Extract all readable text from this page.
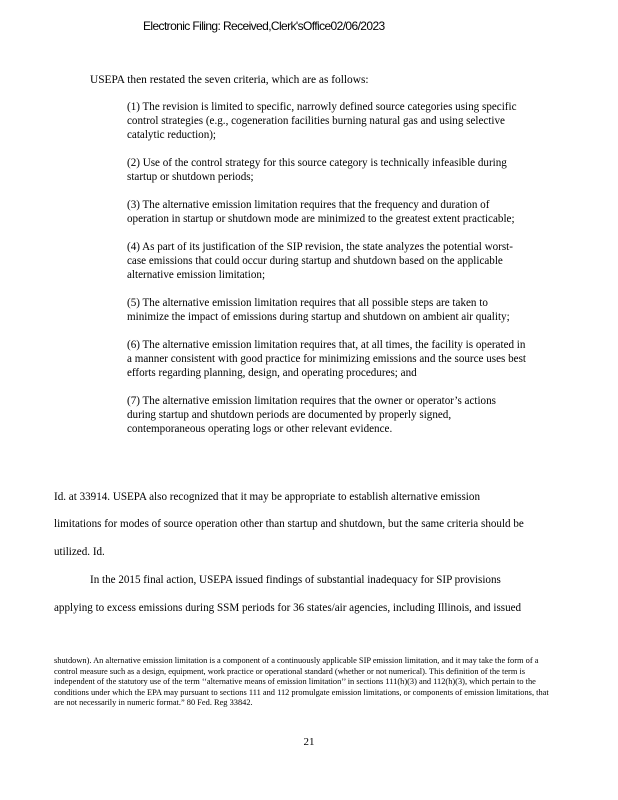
Electronic Filing: Received,Clerk'sOffice02/06/2023
USEPA then restated the seven criteria, which are as follows:

(1) The revision is limited to specific, narrowly defined source categories using specific control strategies (e.g., cogeneration facilities burning natural gas and using selective catalytic reduction);

(2) Use of the control strategy for this source category is technically infeasible during startup or shutdown periods;

(3) The alternative emission limitation requires that the frequency and duration of operation in startup or shutdown mode are minimized to the greatest extent practicable;

(4) As part of its justification of the SIP revision, the state analyzes the potential worst-case emissions that could occur during startup and shutdown based on the applicable alternative emission limitation;

(5) The alternative emission limitation requires that all possible steps are taken to minimize the impact of emissions during startup and shutdown on ambient air quality;

(6) The alternative emission limitation requires that, at all times, the facility is operated in a manner consistent with good practice for minimizing emissions and the source uses best efforts regarding planning, design, and operating procedures; and

(7) The alternative emission limitation requires that the owner or operator’s actions during startup and shutdown periods are documented by properly signed, contemporaneous operating logs or other relevant evidence.

Id. at 33914. USEPA also recognized that it may be appropriate to establish alternative emission
limitations for modes of source operation other than startup and shutdown, but the same criteria should be
utilized. Id.
In the 2015 final action, USEPA issued findings of substantial inadequacy for SIP provisions
applying to excess emissions during SSM periods for 36 states/air agencies, including Illinois, and issued
shutdown). An alternative emission limitation is a component of a continuously applicable SIP emission limitation, and it may take the form of a control measure such as a design, equipment, work practice or operational standard (whether or not numerical). This definition of the term is independent of the statutory use of the term ‘‘alternative means of emission limitation’’ in sections 111(h)(3) and 112(h)(3), which pertain to the conditions under which the EPA may pursuant to sections 111 and 112 promulgate emission limitations, or components of emission limitations, that are not necessarily in numeric format.” 80 Fed. Reg 33842.
21
